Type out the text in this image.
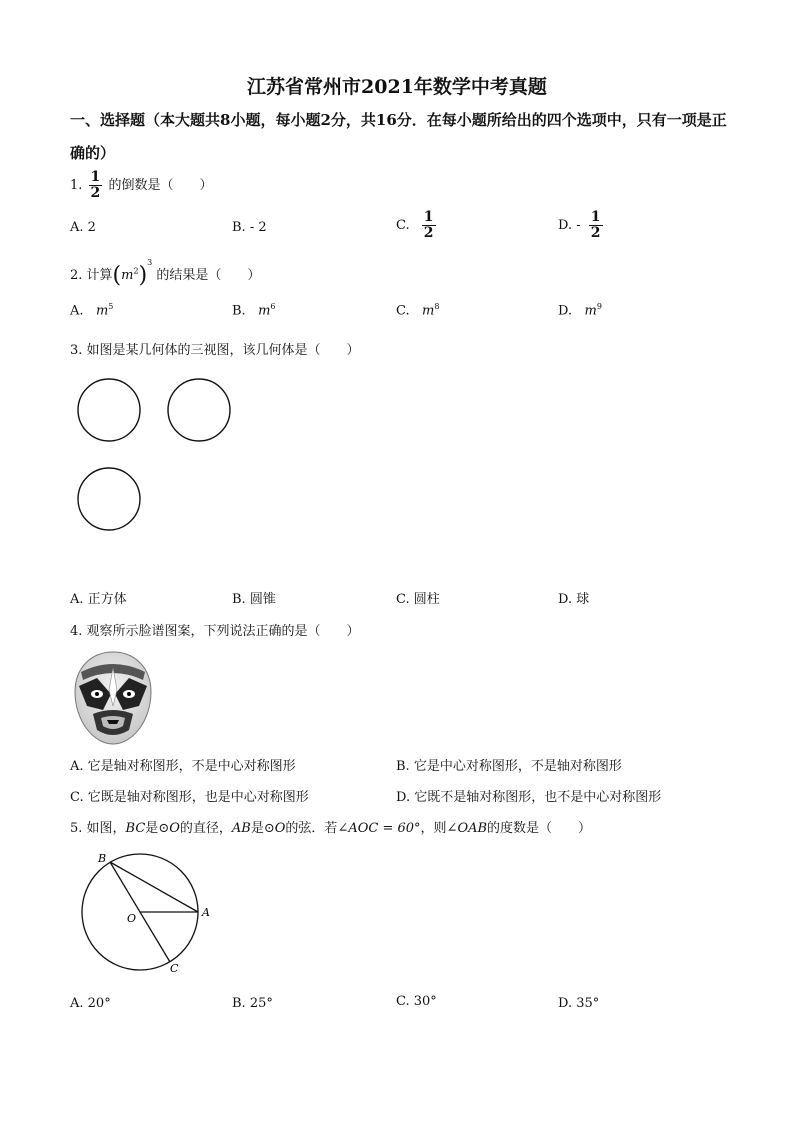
江苏省常州市2021年数学中考真题
一、选择题（本大题共8小题，每小题2分，共16分．在每小题所给出的四个选项中，只有一项是正确的）
1. $\frac{1}{2}$ 的倒数是（　　）
A. 2	B. - 2	C. $\frac{1}{2}$	D. - $\frac{1}{2}$
2. 计算$(m^2)^3$ 的结果是（　　）
A. $m^5$	B. $m^6$	C. $m^8$	D. $m^9$
3. 如图是某几何体的三视图，该几何体是（　　）
A. 正方体	B. 圆锥	C. 圆柱	D. 球
4. 观察所示脸谱图案，下列说法正确的是（　　）
A. 它是轴对称图形，不是中心对称图形	B. 它是中心对称图形，不是轴对称图形
C. 它既是轴对称图形，也是中心对称图形	D. 它既不是轴对称图形，也不是中心对称图形
5. 如图，BC是⊙O的直径，AB是⊙O的弦．若∠AOC = 60°，则∠OAB的度数是（　　）
B
A
O
C
A. 20°	B. 25°	C. 30°	D. 35°
